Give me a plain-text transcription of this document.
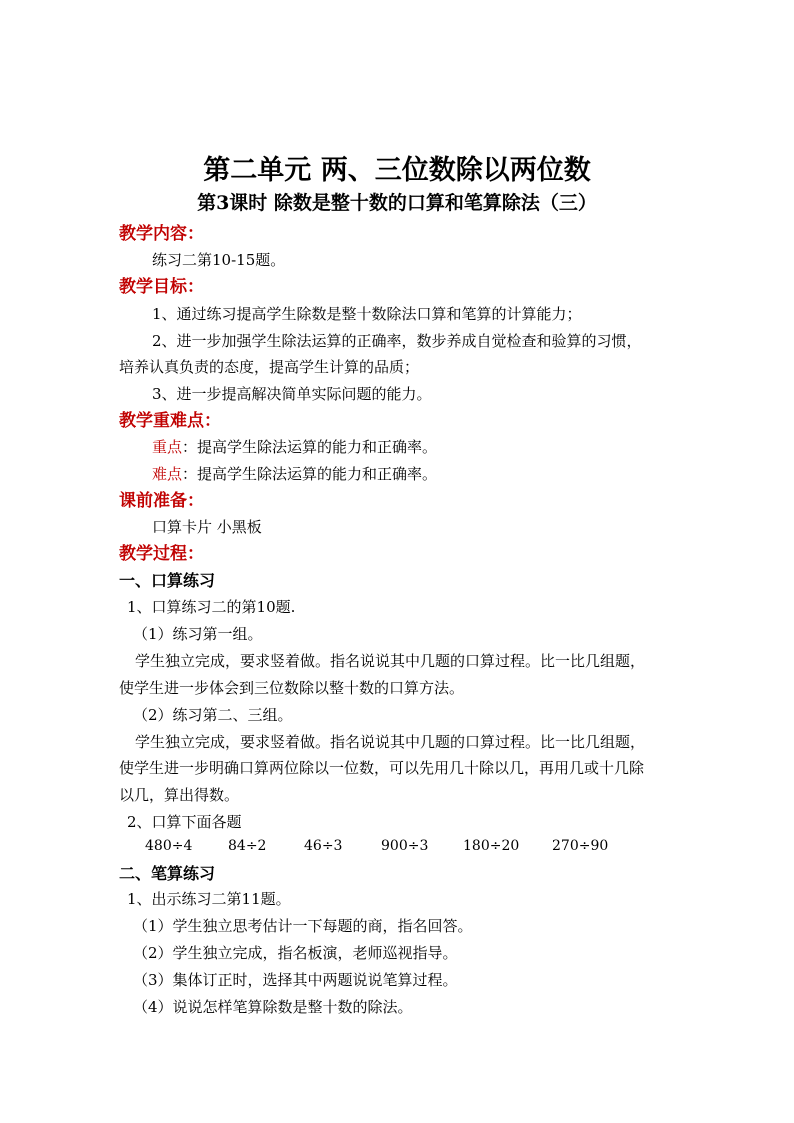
第二单元 两、三位数除以两位数
第3课时 除数是整十数的口算和笔算除法（三）
教学内容：
练习二第10-15题。
教学目标：
1、通过练习提高学生除数是整十数除法口算和笔算的计算能力；
2、进一步加强学生除法运算的正确率，数步养成自觉检查和验算的习惯，
培养认真负责的态度，提高学生计算的品质；
3、进一步提高解决简单实际问题的能力。
教学重难点：
重点：提高学生除法运算的能力和正确率。
难点：提高学生除法运算的能力和正确率。
课前准备：
口算卡片 小黑板
教学过程：
一、口算练习
1、口算练习二的第10题.
（1）练习第一组。
学生独立完成，要求竖着做。指名说说其中几题的口算过程。比一比几组题，
使学生进一步体会到三位数除以整十数的口算方法。
（2）练习第二、三组。
学生独立完成，要求竖着做。指名说说其中几题的口算过程。比一比几组题，
使学生进一步明确口算两位除以一位数，可以先用几十除以几，再用几或十几除
以几，算出得数。
2、口算下面各题
480÷4	84÷2	46÷3	900÷3 180÷20 270÷90
二、笔算练习
1、出示练习二第11题。
（1）学生独立思考估计一下每题的商，指名回答。
（2）学生独立完成，指名板演，老师巡视指导。
（3）集体订正时，选择其中两题说说笔算过程。
（4）说说怎样笔算除数是整十数的除法。
